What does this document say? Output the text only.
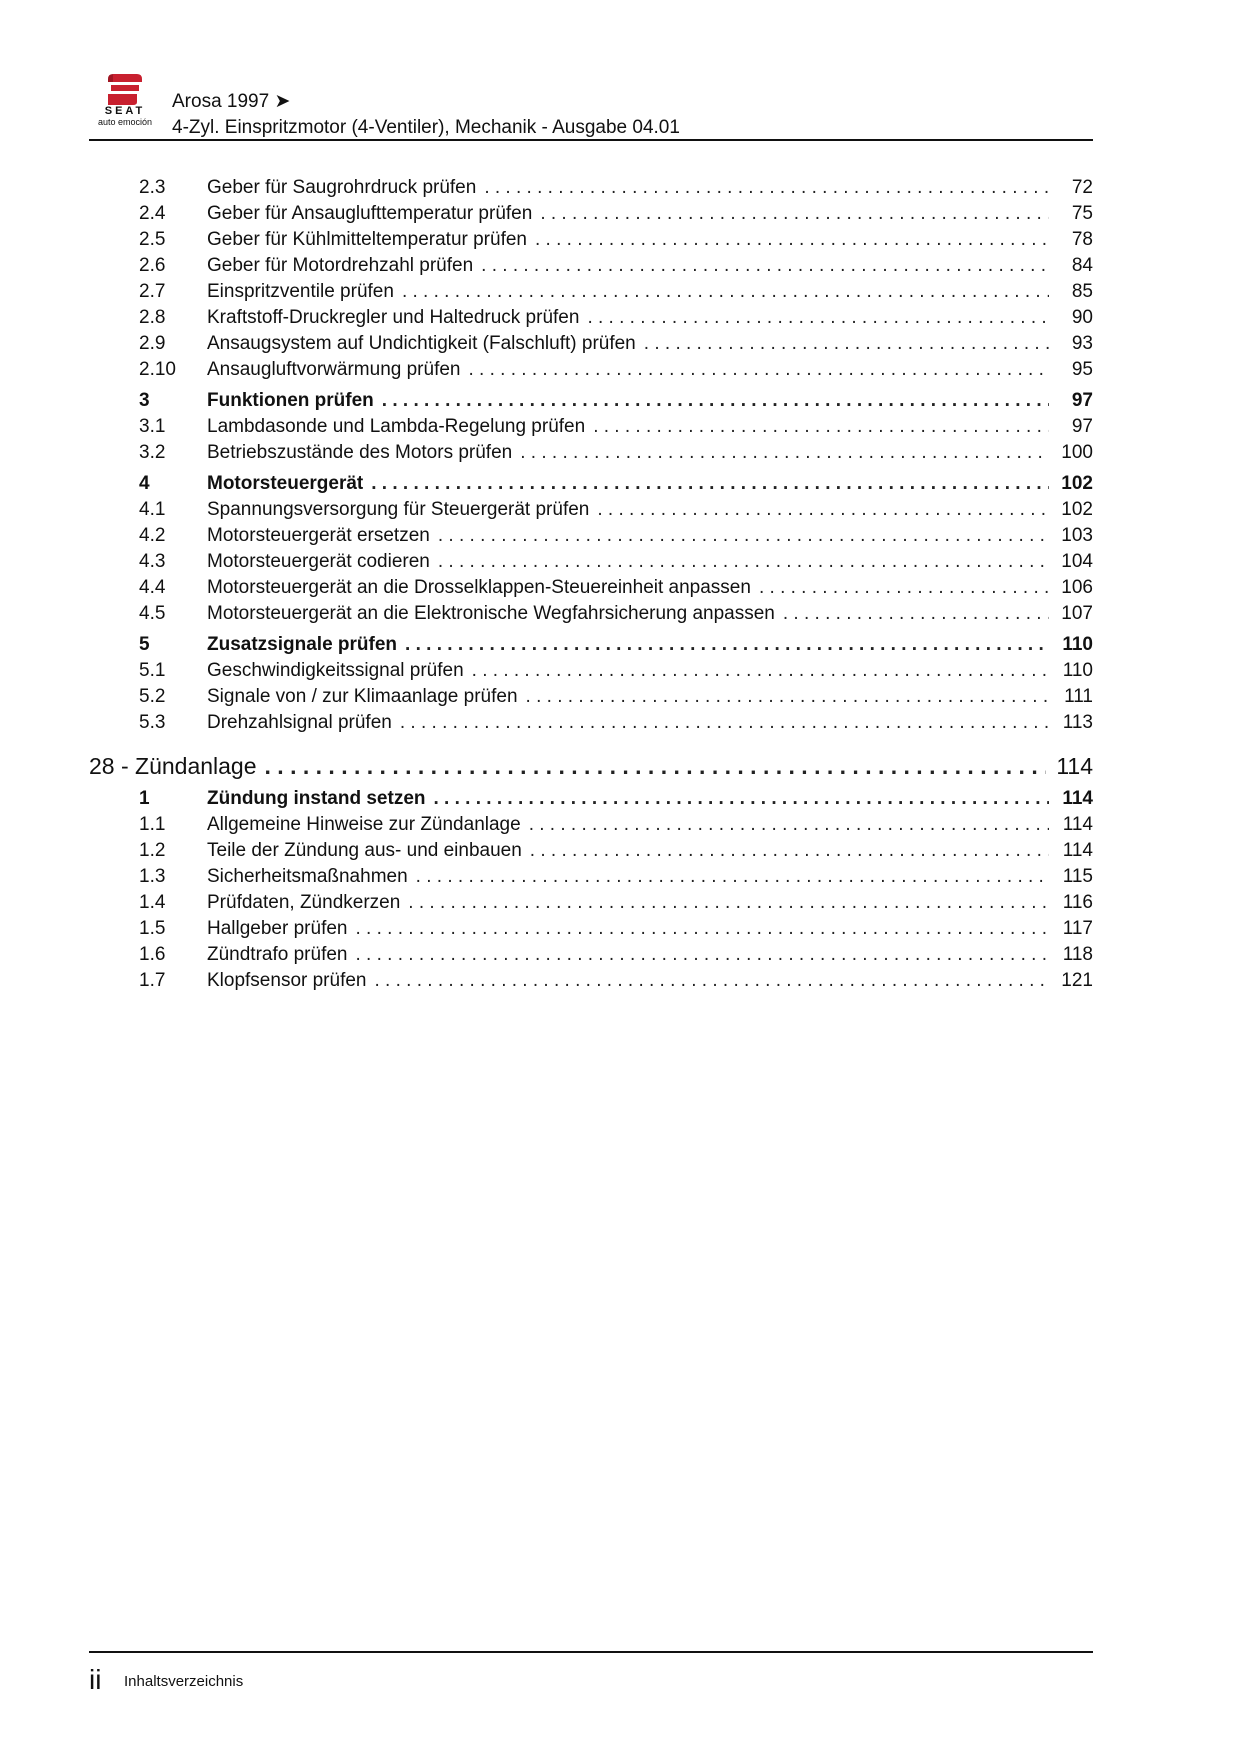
SEAT
auto emoción
Arosa 1997 ➤
4-Zyl. Einspritzmotor (4-Ventiler), Mechanik - Ausgabe 04.01
2.3 Geber für Saugrohrdruck prüfen . . .	72
2.4 Geber für Ansauglufttemperatur prüfen . . .	75
2.5 Geber für Kühlmitteltemperatur prüfen . . .	78
2.6 Geber für Motordrehzahl prüfen . . .	84
2.7 Einspritzventile prüfen . . .	85
2.8 Kraftstoff-Druckregler und Haltedruck prüfen . . .	90
2.9 Ansaugsystem auf Undichtigkeit (Falschluft) prüfen . . .	93
2.10 Ansaugluftvorwärmung prüfen . . .	95
3	Funktionen prüfen . . .	97
3.1 Lambdasonde und Lambda-Regelung prüfen . . .	97
3.2 Betriebszustände des Motors prüfen . . .	100
4	Motorsteuergerät . . .	102
4.1 Spannungsversorgung für Steuergerät prüfen . . .	102
4.2 Motorsteuergerät ersetzen . . .	103
4.3 Motorsteuergerät codieren . . .	104
4.4 Motorsteuergerät an die Drosselklappen-Steuereinheit anpassen . . .	106
4.5 Motorsteuergerät an die Elektronische Wegfahrsicherung anpassen . . .	107
5	Zusatzsignale prüfen . . .	110
5.1 Geschwindigkeitssignal prüfen . . .	110
5.2 Signale von / zur Klimaanlage prüfen . . .	111
5.3 Drehzahlsignal prüfen . . .	113
28 - Zündanlage . . .	114
1	Zündung instand setzen . . .	114
1.1 Allgemeine Hinweise zur Zündanlage . . .	114
1.2 Teile der Zündung aus- und einbauen . . .	114
1.3 Sicherheitsmaßnahmen . . .	115
1.4 Prüfdaten, Zündkerzen . . .	116
1.5 Hallgeber prüfen . . .	117
1.6 Zündtrafo prüfen . . .	118
1.7 Klopfsensor prüfen . . .	121
ii Inhaltsverzeichnis
